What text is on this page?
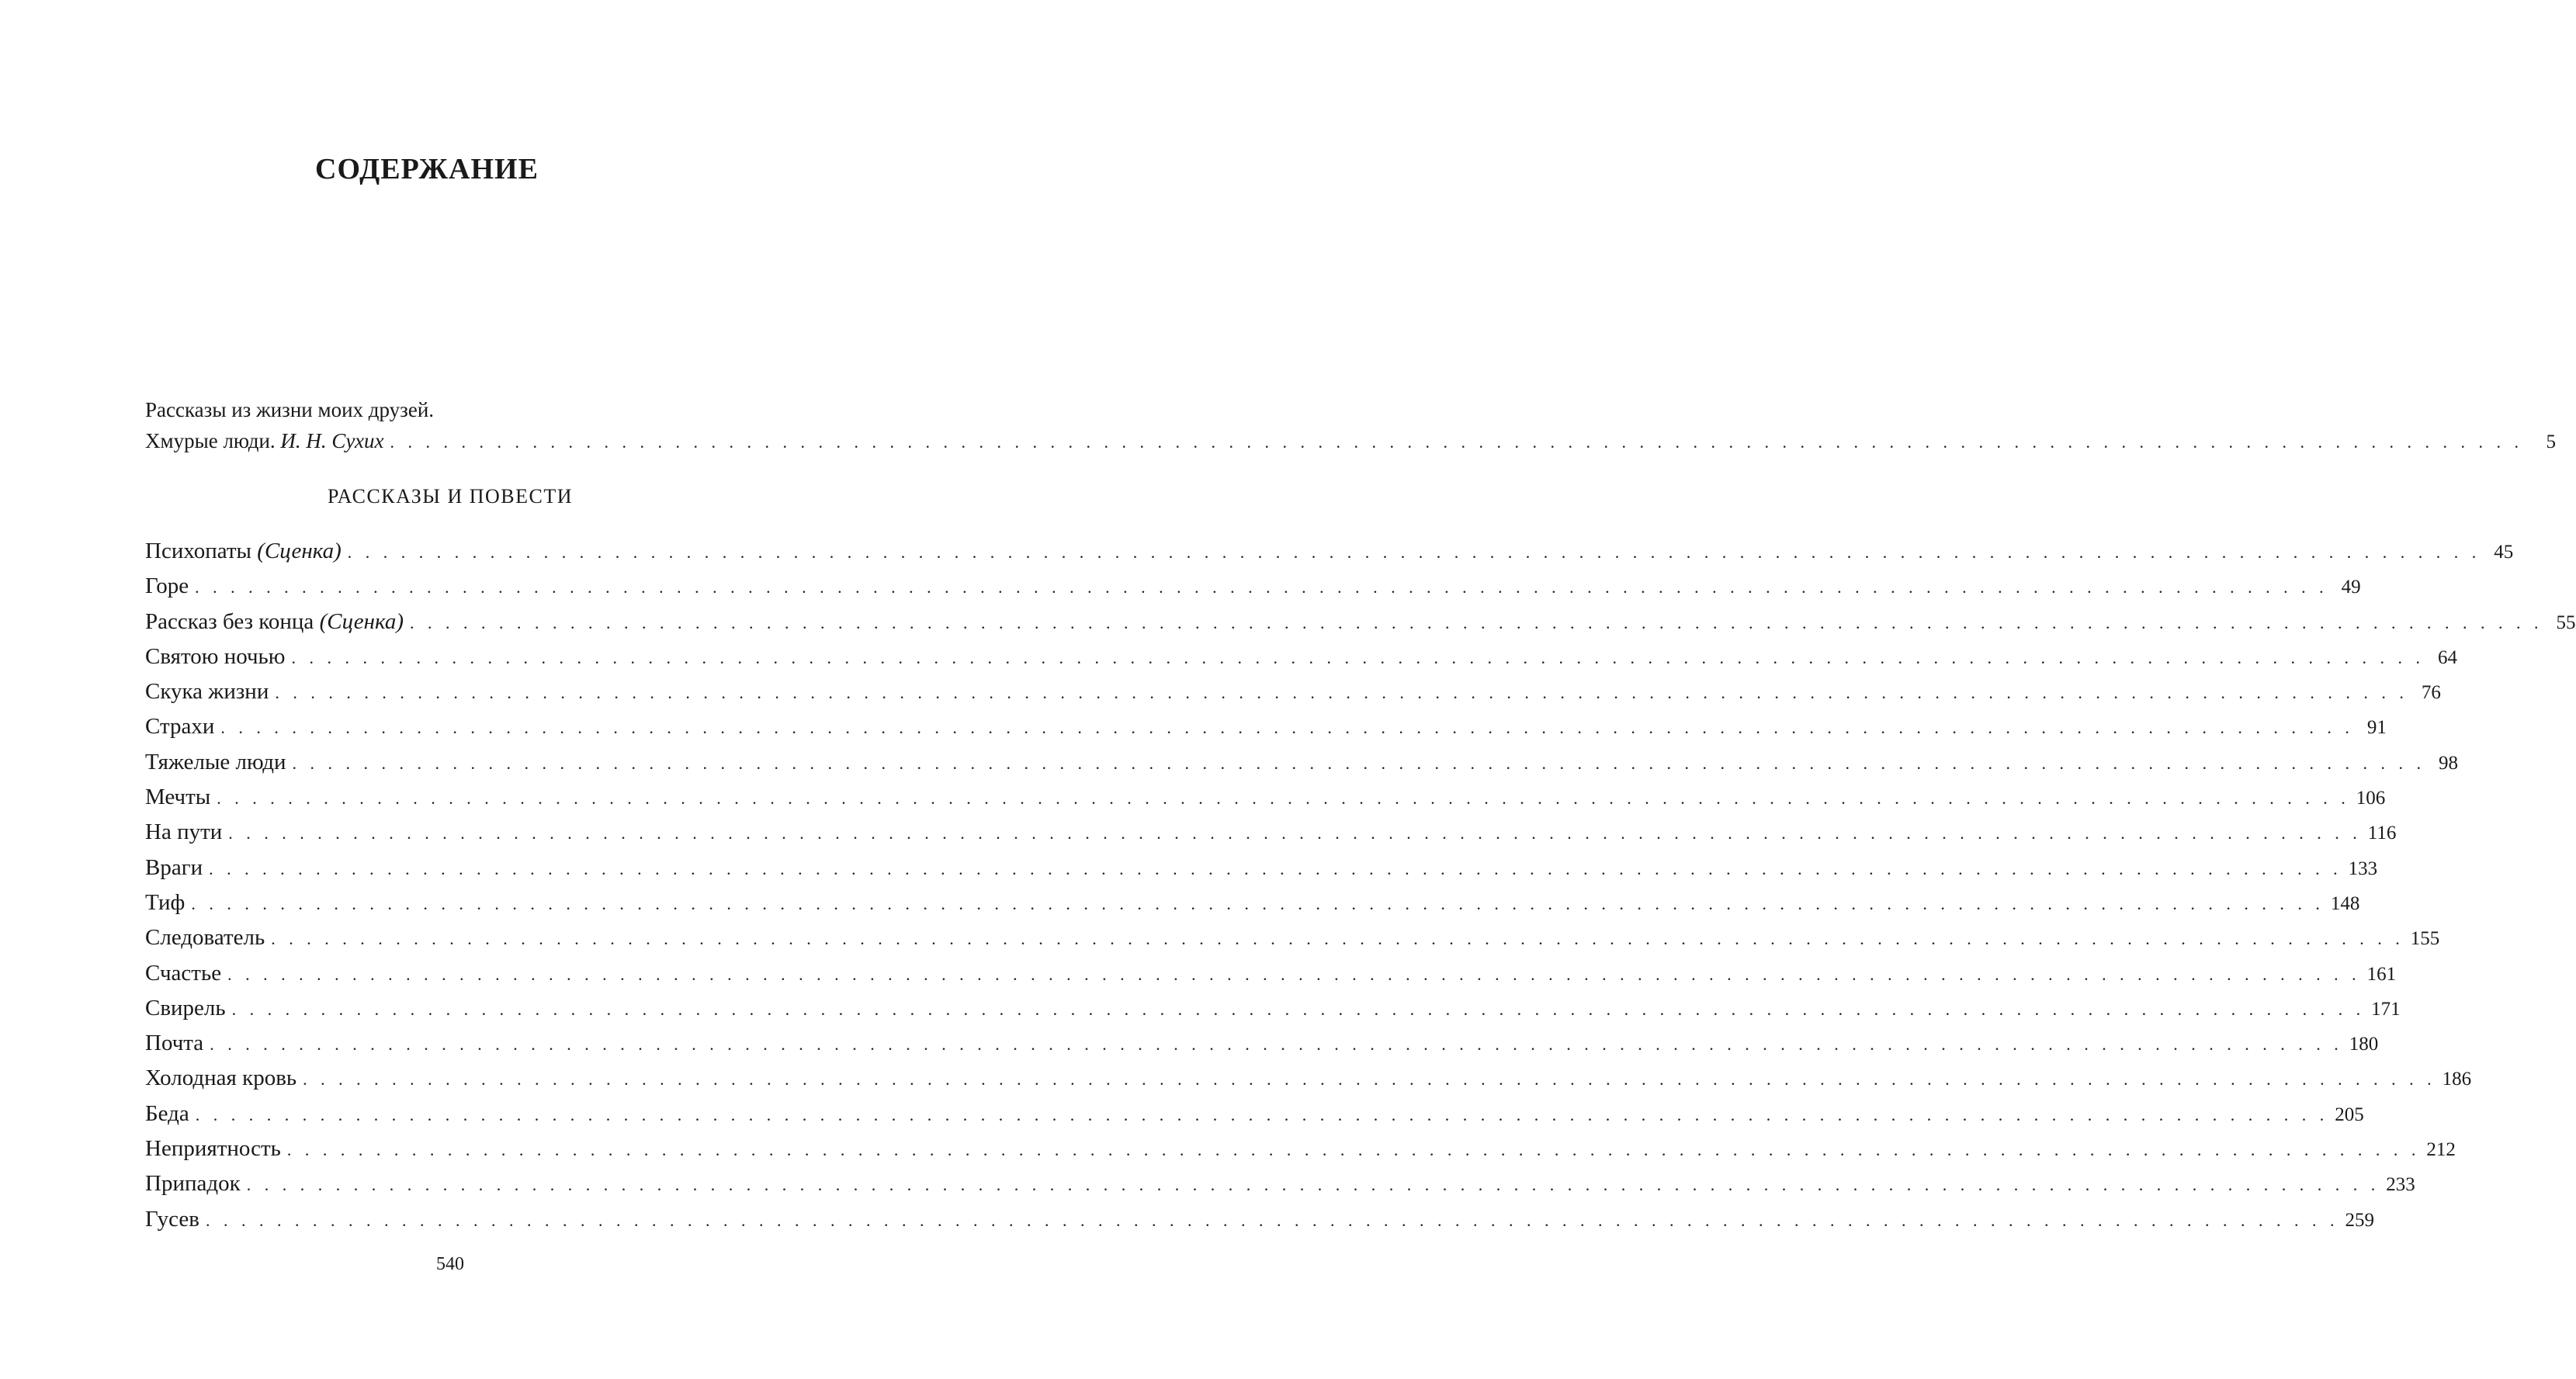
СОДЕРЖАНИЕ
Рассказы из жизни моих друзей.
Хмурые люди. И. Н. Сухих . . . . . . . . . . . . . . . . . . . . . . . . . . . . . . . . . . . . . . . . . . . . . . . . . . . . . . . . . . . . . . . . . . . . . . . . . . . . . . . . . . . . . . . . . . . . . . . . . . . . . . . . . . . . . . . . . . . . . . . .	5
РАССКАЗЫ И ПОВЕСТИ
Психопаты (Сценка) . . . . . . . . . . . . . . . . . . . . . . . . . . . . . . . . . . . . . . . . . . . . . . . . . . . . . . . . . . . . . . . . . . . . . . . . . . . . . . . . . . . . . . . . . . . . . . . . . . . . . . . . . . . . . . . . . . . . . . . . 45
Горе . . . . . . . . . . . . . . . . . . . . . . . . . . . . . . . . . . . . . . . . . . . . . . . . . . . . . . . . . . . . . . . . . . . . . . . . . . . . . . . . . . . . . . . . . . . . . . . . . . . . . . . . . . . . . . . . . . . . . . . . 49
Рассказ без конца (Сценка) . . . . . . . . . . . . . . . . . . . . . . . . . . . . . . . . . . . . . . . . . . . . . . . . . . . . . . . . . . . . . . . . . . . . . . . . . . . . . . . . . . . . . . . . . . . . . . . . . . . . . . . . . . . . . . . . . . . . . . . . 55
Святою ночью . . . . . . . . . . . . . . . . . . . . . . . . . . . . . . . . . . . . . . . . . . . . . . . . . . . . . . . . . . . . . . . . . . . . . . . . . . . . . . . . . . . . . . . . . . . . . . . . . . . . . . . . . . . . . . . . . . . . . . . . 64
Скука жизни . . . . . . . . . . . . . . . . . . . . . . . . . . . . . . . . . . . . . . . . . . . . . . . . . . . . . . . . . . . . . . . . . . . . . . . . . . . . . . . . . . . . . . . . . . . . . . . . . . . . . . . . . . . . . . . . . . . . . . . . 76
Страхи . . . . . . . . . . . . . . . . . . . . . . . . . . . . . . . . . . . . . . . . . . . . . . . . . . . . . . . . . . . . . . . . . . . . . . . . . . . . . . . . . . . . . . . . . . . . . . . . . . . . . . . . . . . . . . . . . . . . . . . . 91
Тяжелые люди . . . . . . . . . . . . . . . . . . . . . . . . . . . . . . . . . . . . . . . . . . . . . . . . . . . . . . . . . . . . . . . . . . . . . . . . . . . . . . . . . . . . . . . . . . . . . . . . . . . . . . . . . . . . . . . . . . . . . . . . 98
Мечты . . . . . . . . . . . . . . . . . . . . . . . . . . . . . . . . . . . . . . . . . . . . . . . . . . . . . . . . . . . . . . . . . . . . . . . . . . . . . . . . . . . . . . . . . . . . . . . . . . . . . . . . . . . . . . . . . . . . . . . . 106
На пути . . . . . . . . . . . . . . . . . . . . . . . . . . . . . . . . . . . . . . . . . . . . . . . . . . . . . . . . . . . . . . . . . . . . . . . . . . . . . . . . . . . . . . . . . . . . . . . . . . . . . . . . . . . . . . . . . . . . . . . . 116
Враги . . . . . . . . . . . . . . . . . . . . . . . . . . . . . . . . . . . . . . . . . . . . . . . . . . . . . . . . . . . . . . . . . . . . . . . . . . . . . . . . . . . . . . . . . . . . . . . . . . . . . . . . . . . . . . . . . . . . . . . . 133
Тиф . . . . . . . . . . . . . . . . . . . . . . . . . . . . . . . . . . . . . . . . . . . . . . . . . . . . . . . . . . . . . . . . . . . . . . . . . . . . . . . . . . . . . . . . . . . . . . . . . . . . . . . . . . . . . . . . . . . . . . . . 148
Следователь . . . . . . . . . . . . . . . . . . . . . . . . . . . . . . . . . . . . . . . . . . . . . . . . . . . . . . . . . . . . . . . . . . . . . . . . . . . . . . . . . . . . . . . . . . . . . . . . . . . . . . . . . . . . . . . . . . . . . . . . 155
Счастье . . . . . . . . . . . . . . . . . . . . . . . . . . . . . . . . . . . . . . . . . . . . . . . . . . . . . . . . . . . . . . . . . . . . . . . . . . . . . . . . . . . . . . . . . . . . . . . . . . . . . . . . . . . . . . . . . . . . . . . . 161
Свирель . . . . . . . . . . . . . . . . . . . . . . . . . . . . . . . . . . . . . . . . . . . . . . . . . . . . . . . . . . . . . . . . . . . . . . . . . . . . . . . . . . . . . . . . . . . . . . . . . . . . . . . . . . . . . . . . . . . . . . . . 171
Почта . . . . . . . . . . . . . . . . . . . . . . . . . . . . . . . . . . . . . . . . . . . . . . . . . . . . . . . . . . . . . . . . . . . . . . . . . . . . . . . . . . . . . . . . . . . . . . . . . . . . . . . . . . . . . . . . . . . . . . . . 180
Холодная кровь . . . . . . . . . . . . . . . . . . . . . . . . . . . . . . . . . . . . . . . . . . . . . . . . . . . . . . . . . . . . . . . . . . . . . . . . . . . . . . . . . . . . . . . . . . . . . . . . . . . . . . . . . . . . . . . . . . . . . . . . 186
Беда . . . . . . . . . . . . . . . . . . . . . . . . . . . . . . . . . . . . . . . . . . . . . . . . . . . . . . . . . . . . . . . . . . . . . . . . . . . . . . . . . . . . . . . . . . . . . . . . . . . . . . . . . . . . . . . . . . . . . . . . 205
Неприятность . . . . . . . . . . . . . . . . . . . . . . . . . . . . . . . . . . . . . . . . . . . . . . . . . . . . . . . . . . . . . . . . . . . . . . . . . . . . . . . . . . . . . . . . . . . . . . . . . . . . . . . . . . . . . . . . . . . . . . . . 212
Припадок . . . . . . . . . . . . . . . . . . . . . . . . . . . . . . . . . . . . . . . . . . . . . . . . . . . . . . . . . . . . . . . . . . . . . . . . . . . . . . . . . . . . . . . . . . . . . . . . . . . . . . . . . . . . . . . . . . . . . . . . 233
Гусев . . . . . . . . . . . . . . . . . . . . . . . . . . . . . . . . . . . . . . . . . . . . . . . . . . . . . . . . . . . . . . . . . . . . . . . . . . . . . . . . . . . . . . . . . . . . . . . . . . . . . . . . . . . . . . . . . . . . . . . . 259
540
